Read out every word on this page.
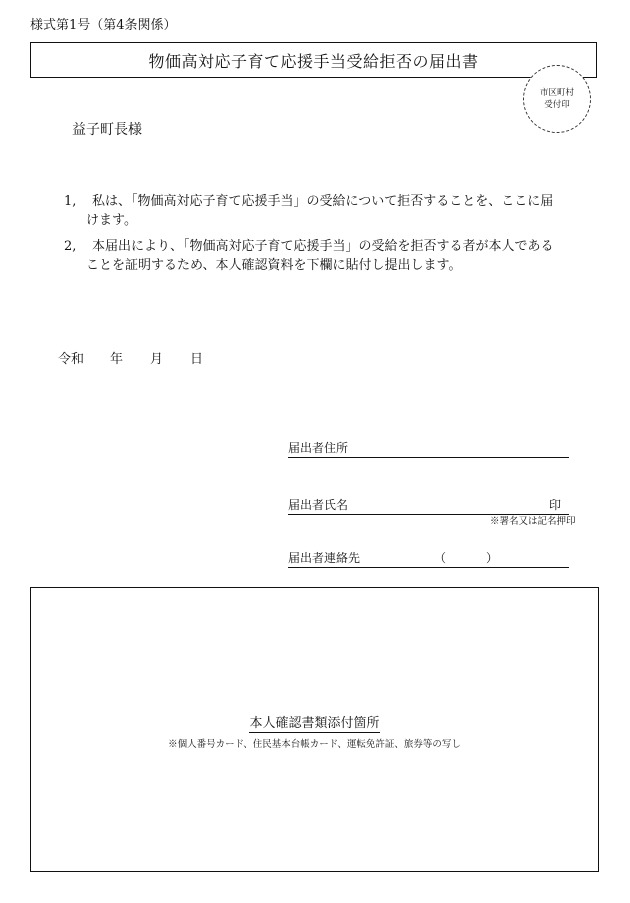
様式第1号（第4条関係）
物価高対応子育て応援手当受給拒否の届出書
市区町村
受付印
益子町長様
1,	私は、「物価高対応子育て応援手当」の受給について拒否することを、ここに届
けます。
2,	本届出により、「物価高対応子育て応援手当」の受給を拒否する者が本人である
ことを証明するため、本人確認資料を下欄に貼付し提出します。
令和 年 月 日
届出者住所
届出者氏名	印
※署名又は記名押印
届出者連絡先	（	）
本人確認書類添付箇所
※個人番号カード、住民基本台帳カード、運転免許証、旅券等の写し
